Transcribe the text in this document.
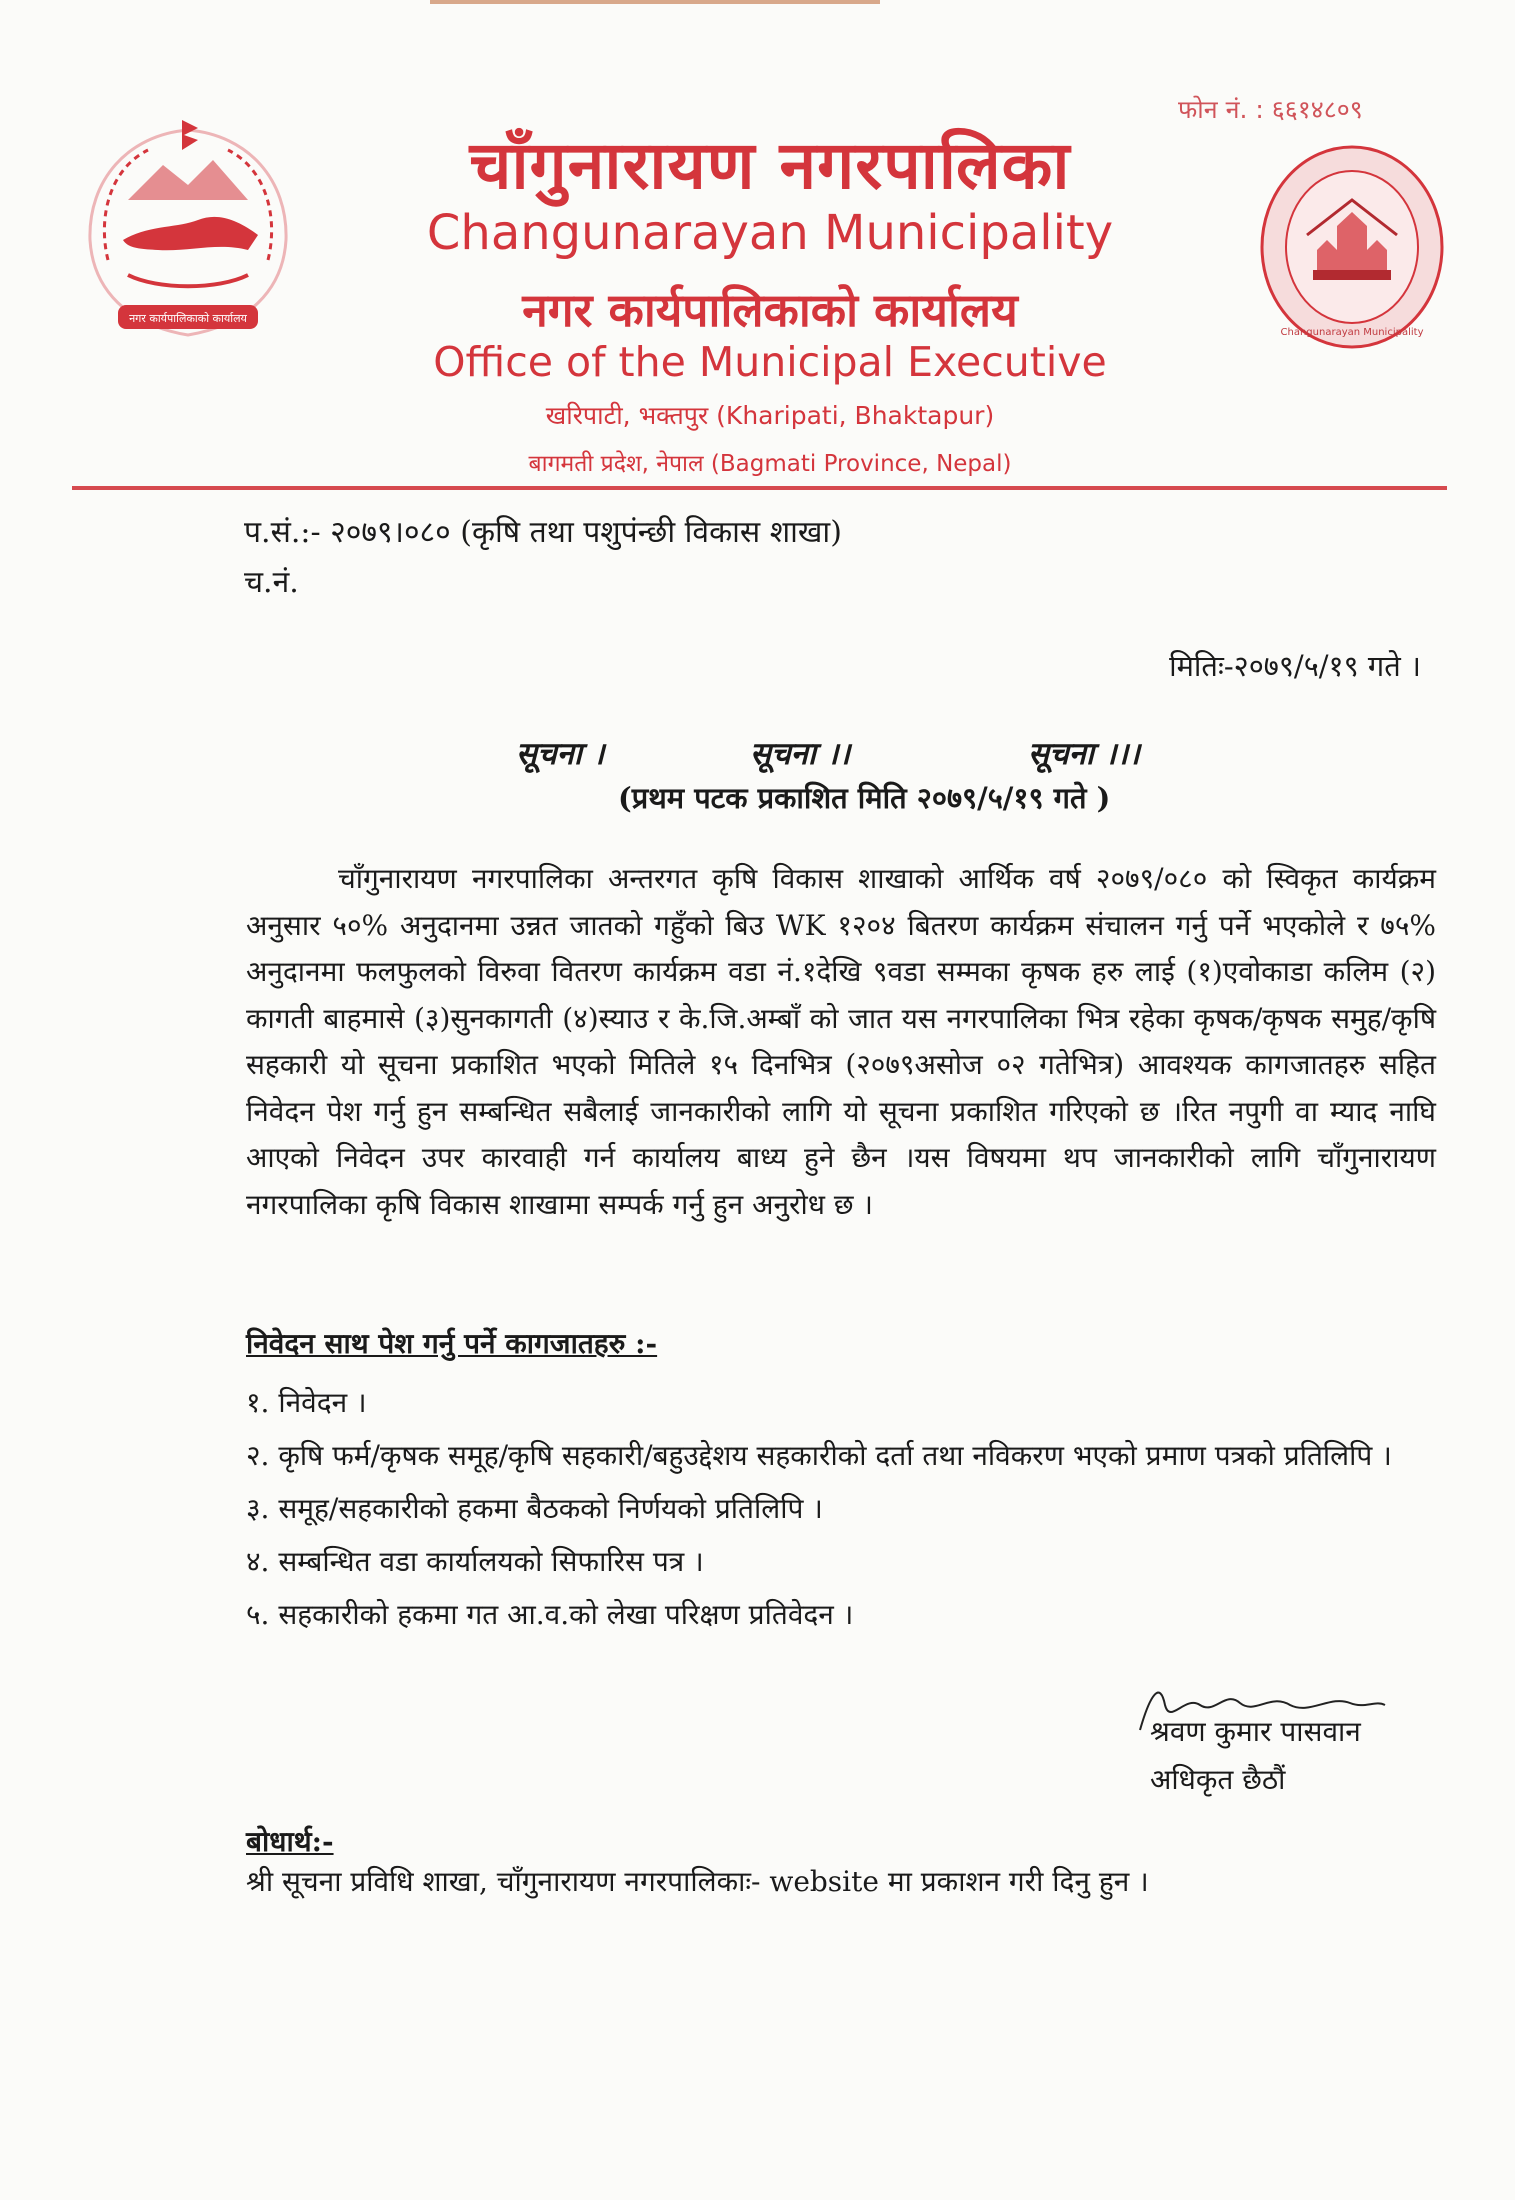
नगर कार्यपालिकाको कार्यालय
Changunarayan Municipality
फोन नं. : ६६१४८०९
चाँगुनारायण नगरपालिका
Changunarayan Municipality
नगर कार्यपालिकाको कार्यालय
Office of the Municipal Executive
खरिपाटी, भक्तपुर (Kharipati, Bhaktapur)
बागमती प्रदेश, नेपाल (Bagmati Province, Nepal)
प.सं.:- २०७९।०८० (कृषि तथा पशुपंन्छी विकास शाखा)
च.नं.
मितिः-२०७९/५/१९ गते ।
सूचना ।	सूचना ।।	सूचना ।।।
(प्रथम पटक प्रकाशित मिति २०७९/५/१९ गते )
चाँगुनारायण नगरपालिका अन्तरगत कृषि विकास शाखाको आर्थिक वर्ष २०७९/०८० को स्विकृत कार्यक्रम अनुसार ५०% अनुदानमा उन्नत जातको गहुँको बिउ WK १२०४ बितरण कार्यक्रम संचालन गर्नु पर्ने भएकोले र ७५% अनुदानमा फलफुलको विरुवा वितरण कार्यक्रम वडा नं.१देखि ९वडा सम्मका कृषक हरु लाई (१)एवोकाडा कलिम (२) कागती बाहमासे (३)सुनकागती (४)स्याउ र के.जि.अम्बाँ को जात यस नगरपालिका भित्र रहेका कृषक/कृषक समुह/कृषि सहकारी यो सूचना प्रकाशित भएको मितिले १५ दिनभित्र (२०७९असोज ०२ गतेभित्र) आवश्यक कागजातहरु सहित निवेदन पेश गर्नु हुन सम्बन्धित सबैलाई जानकारीको लागि यो सूचना प्रकाशित गरिएको छ ।रित नपुगी वा म्याद नाघि आएको निवेदन उपर कारवाही गर्न कार्यालय बाध्य हुने छैन ।यस विषयमा थप जानकारीको लागि चाँगुनारायण नगरपालिका कृषि विकास शाखामा सम्पर्क गर्नु हुन अनुरोध छ ।
निवेदन साथ पेश गर्नु पर्ने कागजातहरु :-
१. निवेदन ।
२. कृषि फर्म/कृषक समूह/कृषि सहकारी/बहुउद्देशय सहकारीको दर्ता तथा नविकरण भएको प्रमाण पत्रको प्रतिलिपि ।
३. समूह/सहकारीको हकमा बैठकको निर्णयको प्रतिलिपि ।
४. सम्बन्धित वडा कार्यालयको सिफारिस पत्र ।
५. सहकारीको हकमा गत आ.व.को लेखा परिक्षण प्रतिवेदन ।
श्रवण कुमार पासवान
अधिकृत छैठौं
बोधार्थ:-
श्री सूचना प्रविधि शाखा, चाँगुनारायण नगरपालिकाः- website मा प्रकाशन गरी दिनु हुन ।
